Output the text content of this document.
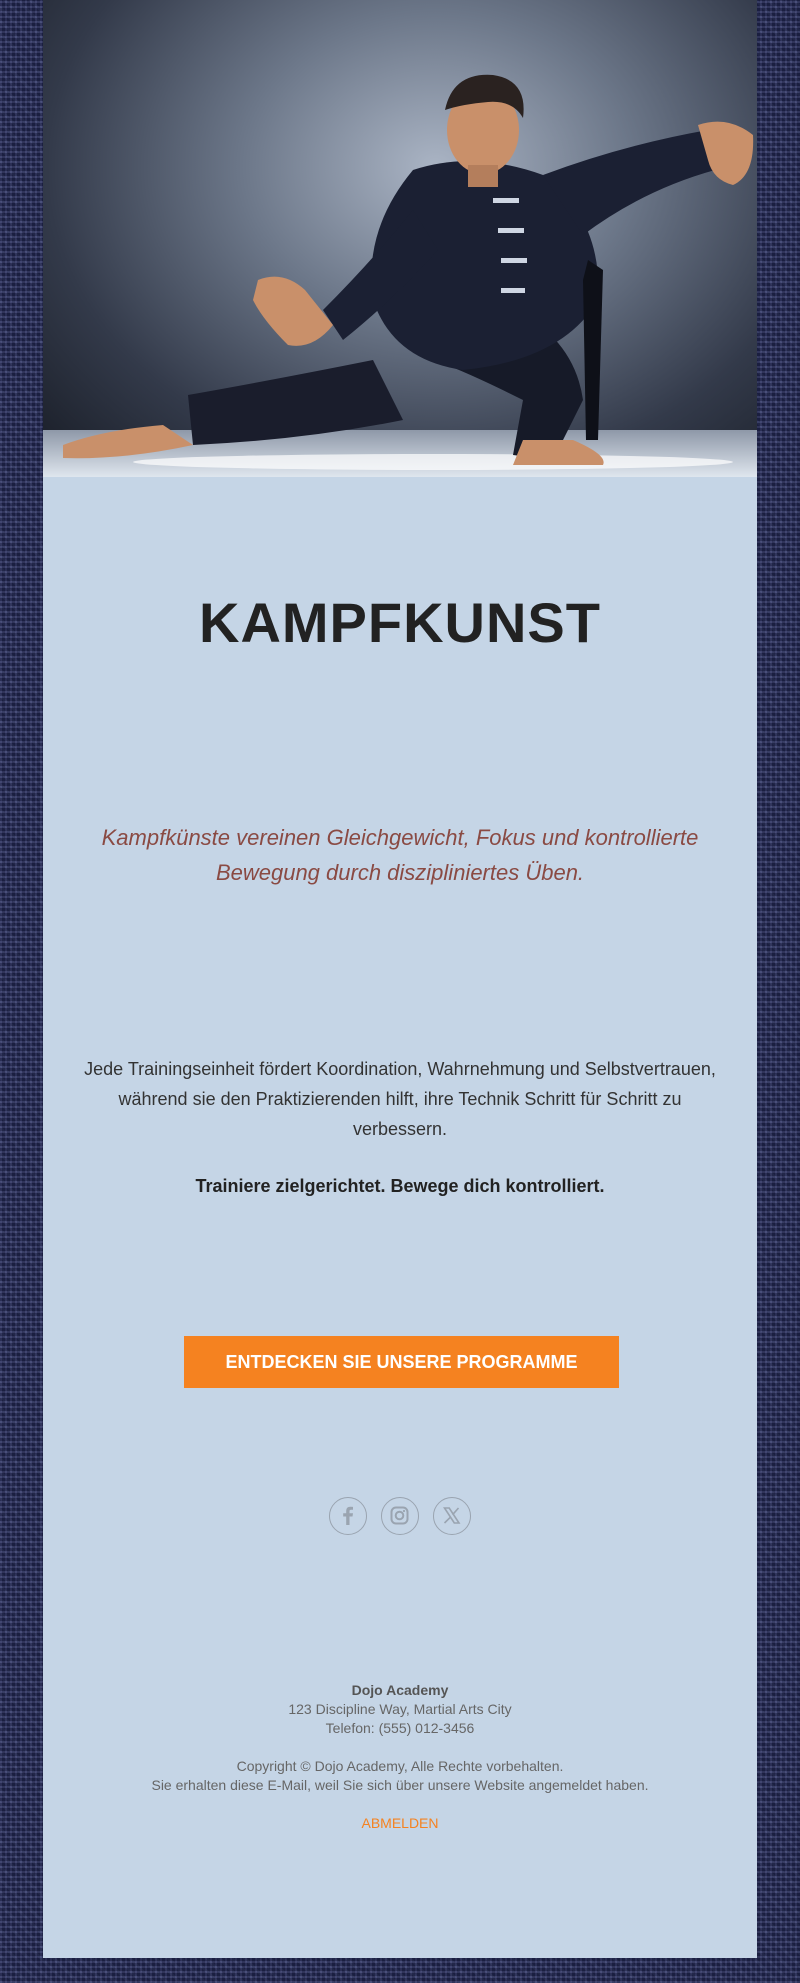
KAMPFKUNST
Kampfkünste vereinen Gleichgewicht, Fokus und kontrollierte Bewegung durch diszipliniertes Üben.
Jede Trainingseinheit fördert Koordination, Wahrnehmung und Selbstvertrauen, während sie den Praktizierenden hilft, ihre Technik Schritt für Schritt zu verbessern.
Trainiere zielgerichtet. Bewege dich kontrolliert.
ENTDECKEN SIE UNSERE PROGRAMME
Dojo Academy
123 Discipline Way, Martial Arts City
Telefon: (555) 012-3456
Copyright © Dojo Academy, Alle Rechte vorbehalten.
Sie erhalten diese E-Mail, weil Sie sich über unsere Website angemeldet haben.
ABMELDEN
